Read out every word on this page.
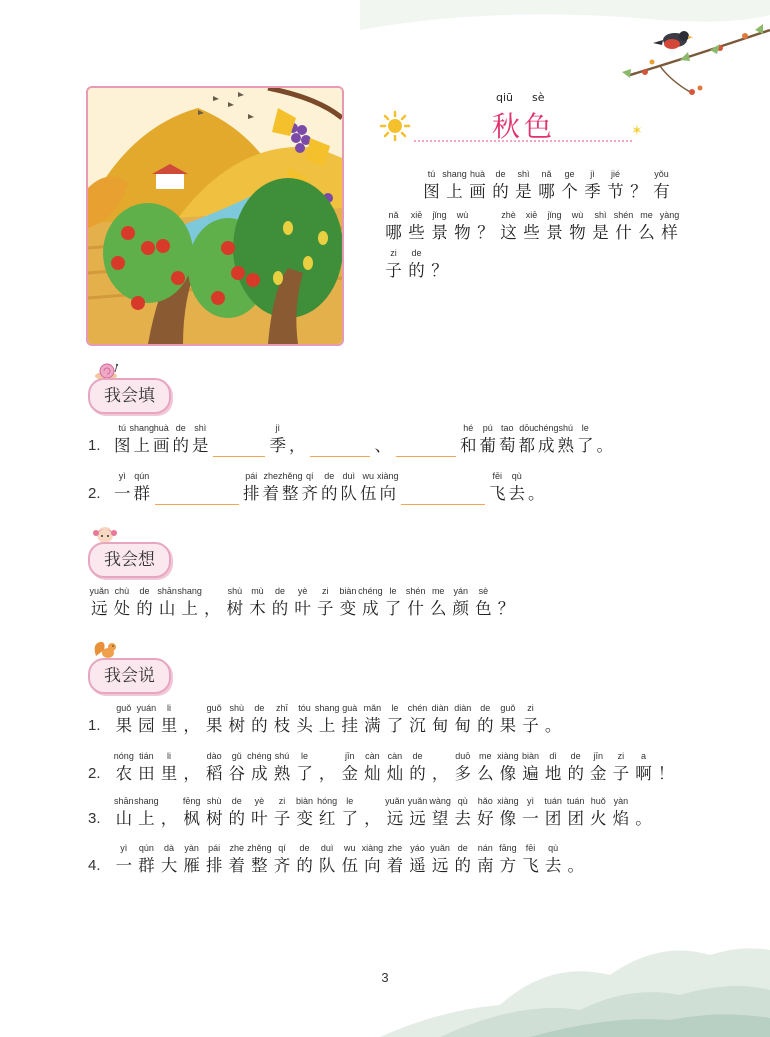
qiū sè
秋色	✶
我会填
我会想
我会说
tú
图
shang
上
huà
画
de
的
shì
是
nǎ
哪
ge
个
jì
季
jié
节 ？
yǒu
有
nǎ
哪
xiē
些
jǐng
景
wù
物 ？
zhè
这
xiē
些
jǐng
景
wù
物
shì
是
shén
什
me
么
yàng
样
zi
子
de
的 ？
1.
tú
图
shang
上
huà
画
de
的
shì
是
jì
季 ，	、
hé
和
pú
葡
tao
萄
dōu
都
chéng
成
shú
熟
le
了 。
2.
yì
一
qún
群
pái
排
zhe
着
zhěng
整
qí
齐
de
的
duì
队
wu
伍
xiàng
向
fēi
飞
qù
去 。
yuǎn
远
chù
处
de
的
shān
山
shang
上 ，
shù
树
mù
木
de
的
yè
叶
zi
子
biàn
变
chéng
成
le
了
shén
什
me
么
yán
颜
sè
色 ？
1.
guǒ
果
yuán
园
li
里 ，
guǒ
果
shù
树
de
的
zhī
枝
tóu
头
shang
上
guà
挂
mǎn
满
le
了
chén
沉
diàn
甸
diàn
甸
de
的
guǒ
果
zi
子 。
2.
nóng
农
tián
田
li
里 ，
dào
稻
gǔ
谷
chéng
成
shú
熟
le
了 ，
jīn
金
càn
灿
càn
灿
de
的 ，
duō
多
me
么
xiàng
像
biàn
遍
dì
地
de
的
jīn
金
zi
子
a
啊 ！
3.
shān
山
shang
上 ，
fēng
枫
shù
树
de
的
yè
叶
zi
子
biàn
变
hóng
红
le
了 ，
yuǎn
远
yuǎn
远
wàng
望
qù
去
hǎo
好
xiàng
像
yì
一
tuán
团
tuán
团
huǒ
火
yàn
焰 。
4.
yì
一
qún
群
dà
大
yàn
雁
pái
排
zhe
着
zhěng
整
qí
齐
de
的
duì
队
wu
伍
xiàng
向
zhe
着
yáo
遥
yuǎn
远
de
的
nán
南
fāng
方
fēi
飞
qù
去 。
3
